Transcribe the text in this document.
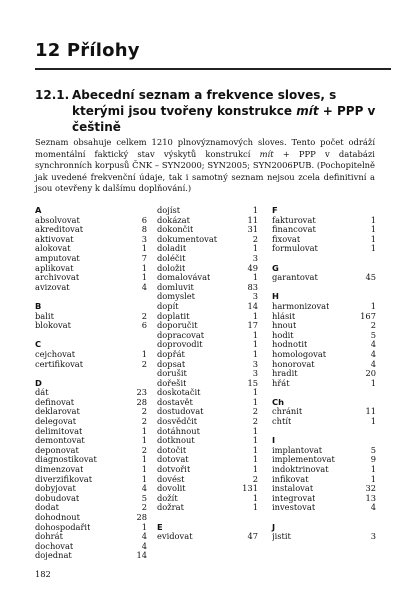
12 Přílohy
12.1. Abecední seznam a frekvence sloves, s kterými jsou tvořeny konstrukce mít + PPP v češtině
Seznam obsahuje celkem 1210 plnovýznamových sloves. Tento počet odráží momentální faktický stav výskytů konstrukcí mít + PPP v databázi synchronních korpusů ČNK – SYN2000; SYN2005; SYN2006PUB. (Pochopitelně jak uvedené frekvenční údaje, tak i samotný seznam nejsou zcela definitivní a jsou otevřeny k dalšímu doplňování.)
A
absolvovat	6
akreditovat	8
aktivovat	3
alokovat	1
amputovat	7
aplikovat	1
archivovat	1
avizovat	4
B
balit	2
blokovat	6
C
cejchovat	1
certifikovat	2
D
dát	23
definovat	28
deklarovat	2
delegovat	2
delimitovat	1
demontovat	1
deponovat	2
diagnostikovat	1
dimenzovat	1
diverzifikovat	1
dobyjovat	4
dobudovat	5
dodat	2
dohodnout	28
dohospodařit	1
dohrát	4
dochovat	4
dojednat	14
dojíst	1
dokázat	11
dokončit	31
dokumentovat	2
doladit	1
doléčit	3
doložit	49
domalovávat	1
domluvit	83
domyslet	3
dopít	14
doplatit	1
doporučit	17
dopracovat	1
doprovodit	1
dopřát	1
dopsat	3
dorušit	3
dořešit	15
doskotačit	1
dostavět	1
dostudovat	2
dosvědčit	2
dotáhnout	1
dotknout	1
dotočit	1
dotovat	1
dotvořit	1
dovést	2
dovolit	131
dožít	1
dožrat	1
E
evidovat	47
F
fakturovat	1
financovat	1
fixovat	1
formulovat	1
G
garantovat	45
H
harmonizovat	1
hlásit	167
hnout	2
hodit	5
hodnotit	4
homologovat	4
honorovat	4
hradit	20
hřát	1
Ch
chránit	11
chtít	1
I
implantovat	5
implementovat	9
indoktrinovat	1
infikovat	1
instalovat	32
integrovat	13
investovat	4
J
jistit	3
182
